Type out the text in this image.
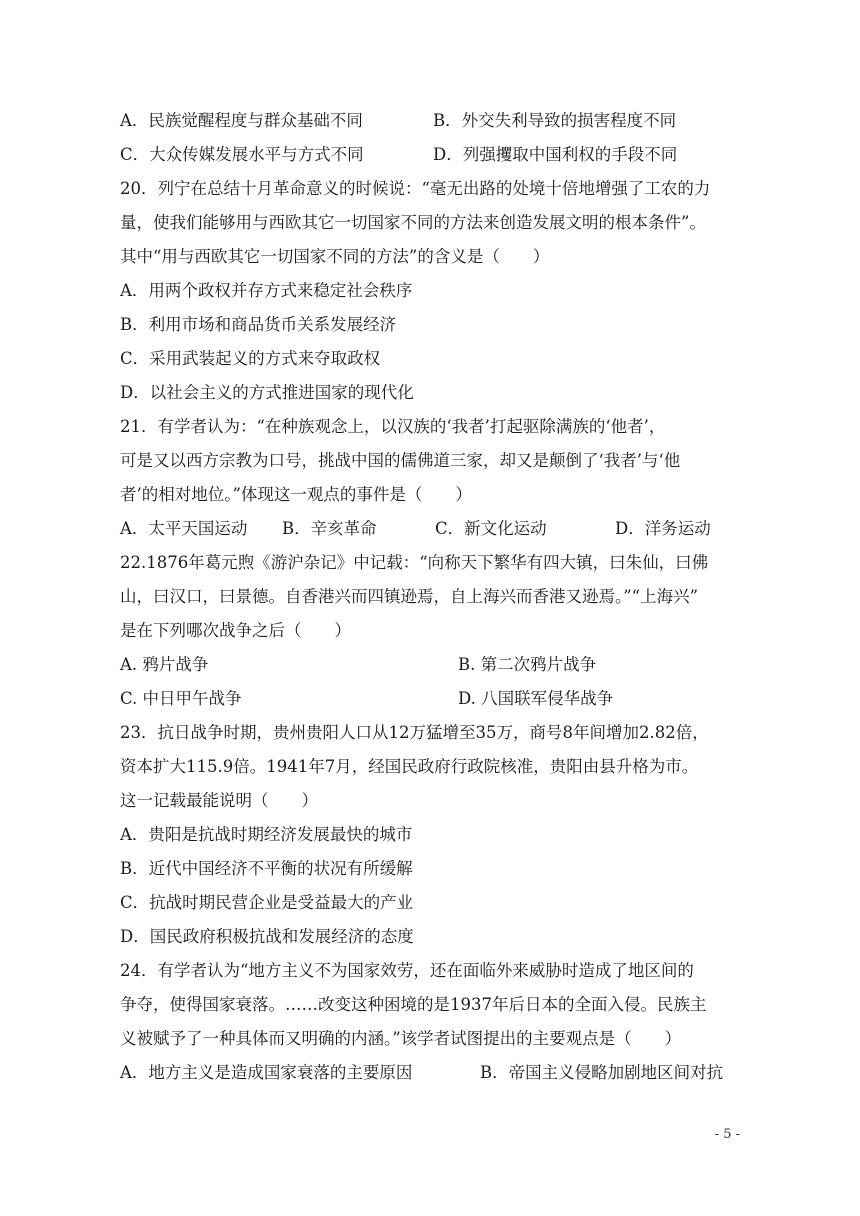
A．民族觉醒程度与群众基础不同	B．外交失利导致的损害程度不同
C．大众传媒发展水平与方式不同	D．列强攫取中国利权的手段不同
20．列宁在总结十月革命意义的时候说：“毫无出路的处境十倍地增强了工农的力
量，使我们能够用与西欧其它一切国家不同的方法来创造发展文明的根本条件”。
其中“用与西欧其它一切国家不同的方法”的含义是（　　）
A．用两个政权并存方式来稳定社会秩序
B．利用市场和商品货币关系发展经济
C．采用武装起义的方式来夺取政权
D．以社会主义的方式推进国家的现代化
21．有学者认为：“在种族观念上，以汉族的‘我者’打起驱除满族的‘他者’，
可是又以西方宗教为口号，挑战中国的儒佛道三家，却又是颠倒了‘我者’与‘他
者’的相对地位。”体现这一观点的事件是（　　）
A．太平天国运动	B．辛亥革命	C．新文化运动	D．洋务运动
22.1876年葛元煦《游沪杂记》中记载：“向称天下繁华有四大镇，曰朱仙，曰佛
山，曰汉口，曰景德。自香港兴而四镇逊焉，自上海兴而香港又逊焉。”“上海兴”
是在下列哪次战争之后（　　）
A. 鸦片战争	B. 第二次鸦片战争
C. 中日甲午战争	D. 八国联军侵华战争
23．抗日战争时期，贵州贵阳人口从12万猛增至35万，商号8年间增加2.82倍，
资本扩大115.9倍。1941年7月，经国民政府行政院核准，贵阳由县升格为市。
这一记载最能说明（　　）
A．贵阳是抗战时期经济发展最快的城市
B．近代中国经济不平衡的状况有所缓解
C．抗战时期民营企业是受益最大的产业
D．国民政府积极抗战和发展经济的态度
24．有学者认为“地方主义不为国家效劳，还在面临外来威胁时造成了地区间的
争夺，使得国家衰落。……改变这种困境的是1937年后日本的全面入侵。民族主
义被赋予了一种具体而又明确的内涵。”该学者试图提出的主要观点是（　　）
A．地方主义是造成国家衰落的主要原因	B．帝国主义侵略加剧地区间对抗
- 5 -
